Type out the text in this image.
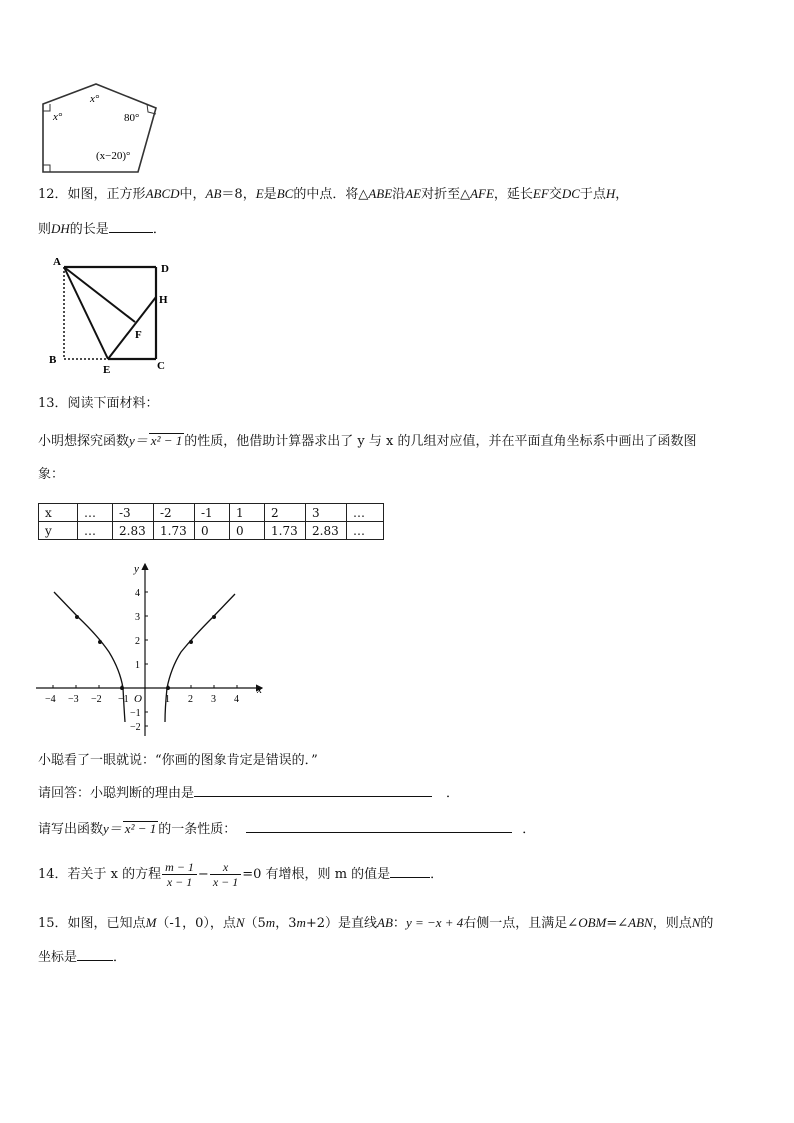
x°
x°	80°
(x−20)°
12．如图，正方形ABCD中，AB＝8，E是BC的中点．将△ABE沿AE对折至△AFE，延长EF交DC于点H，
则DH的长是	．
A
D
H
F
B
E	C
13．阅读下面材料：
小明想探究函数y＝ x² − 1 的性质，他借助计算器求出了 y 与 x 的几组对应值，并在平面直角坐标系中画出了函数图
象：
x	…	-3	-2	-1	1	2	3	…
y	…	2.83	1.73	0	0	1.73	2.83	…
y
x
O
−4 −3 −2 −1	1 2 3 4
4
3
2
1
−1
−2
小聪看了一眼就说：“你画的图象肯定是错误的．”
请回答：小聪判断的理由是	．
请写出函数y＝ x² − 1 的一条性质：	．
14．若关于 x 的方程 $\frac{m - 1}{x - 1} - \frac{x}{x - 1} =0$ 有增根，则 m 的值是	．
15．如图，已知点M（-1，0），点N（5m，3m+2）是直线AB：y = −x + 4右侧一点，且满足∠OBM=∠ABN，则点N的
坐标是	．
